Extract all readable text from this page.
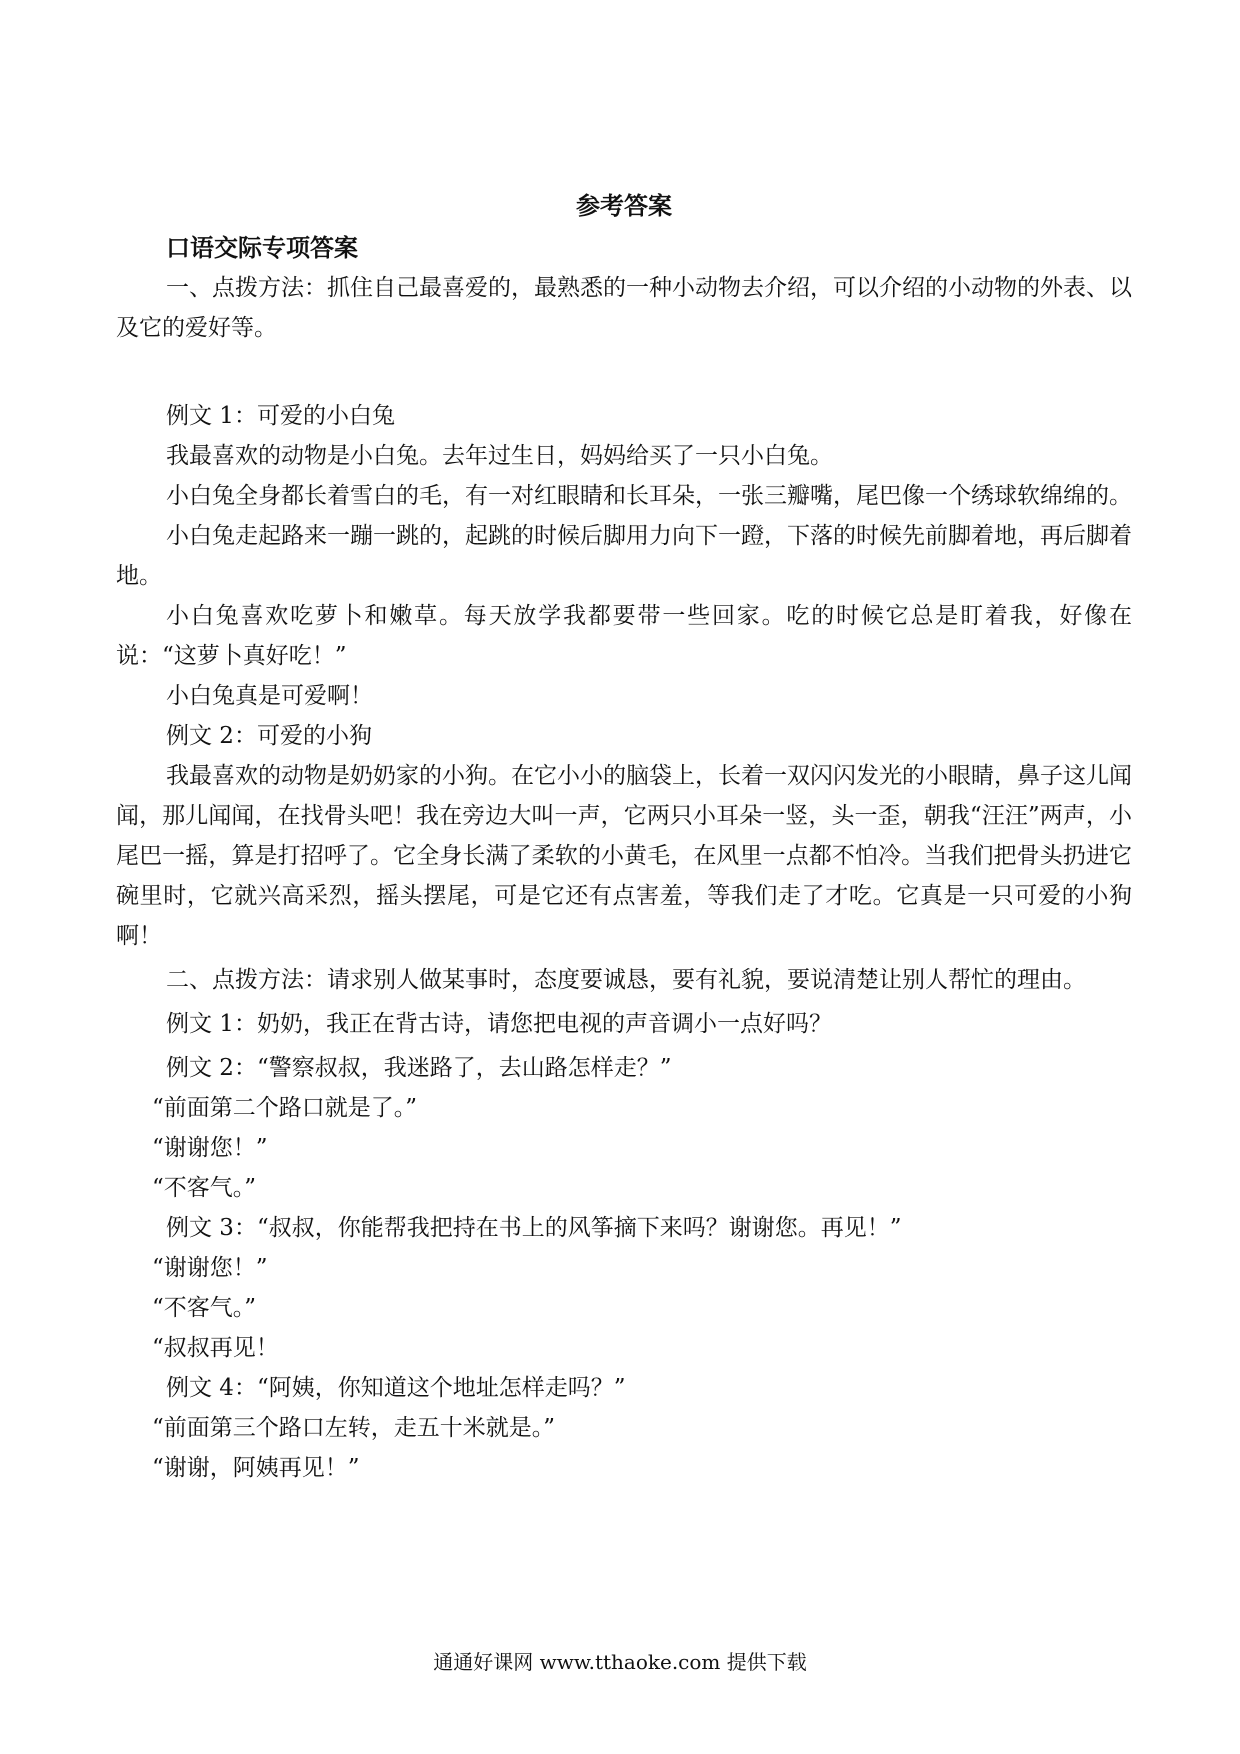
参考答案
口语交际专项答案

一、点拨方法：抓住自己最喜爱的，最熟悉的一种小动物去介绍，可以介绍的小动物的外表、以及它的爱好等。

例文 1：可爱的小白兔

我最喜欢的动物是小白兔。去年过生日，妈妈给买了一只小白兔。

小白兔全身都长着雪白的毛，有一对红眼睛和长耳朵，一张三瓣嘴，尾巴像一个绣球软绵绵的。

小白兔走起路来一蹦一跳的，起跳的时候后脚用力向下一蹬，下落的时候先前脚着地，再后脚着地。

小白兔喜欢吃萝卜和嫩草。每天放学我都要带一些回家。吃的时候它总是盯着我，好像在说：“这萝卜真好吃！”

小白兔真是可爱啊！

例文 2：可爱的小狗

我最喜欢的动物是奶奶家的小狗。在它小小的脑袋上，长着一双闪闪发光的小眼睛，鼻子这儿闻闻，那儿闻闻，在找骨头吧！我在旁边大叫一声，它两只小耳朵一竖，头一歪，朝我“汪汪”两声，小尾巴一摇，算是打招呼了。它全身长满了柔软的小黄毛，在风里一点都不怕冷。当我们把骨头扔进它碗里时，它就兴高采烈，摇头摆尾，可是它还有点害羞，等我们走了才吃。它真是一只可爱的小狗啊！

二、点拨方法：请求别人做某事时，态度要诚恳，要有礼貌，要说清楚让别人帮忙的理由。

例文 1：奶奶，我正在背古诗，请您把电视的声音调小一点好吗？

例文 2：“警察叔叔，我迷路了，去山路怎样走？”

“前面第二个路口就是了。”

“谢谢您！”

“不客气。”

例文 3：“叔叔，你能帮我把持在书上的风筝摘下来吗？谢谢您。再见！”

“谢谢您！”

“不客气。”

“叔叔再见！

例文 4：“阿姨，你知道这个地址怎样走吗？”

“前面第三个路口左转，走五十米就是。”

“谢谢，阿姨再见！”

通通好课网 www.tthaoke.com 提供下载
